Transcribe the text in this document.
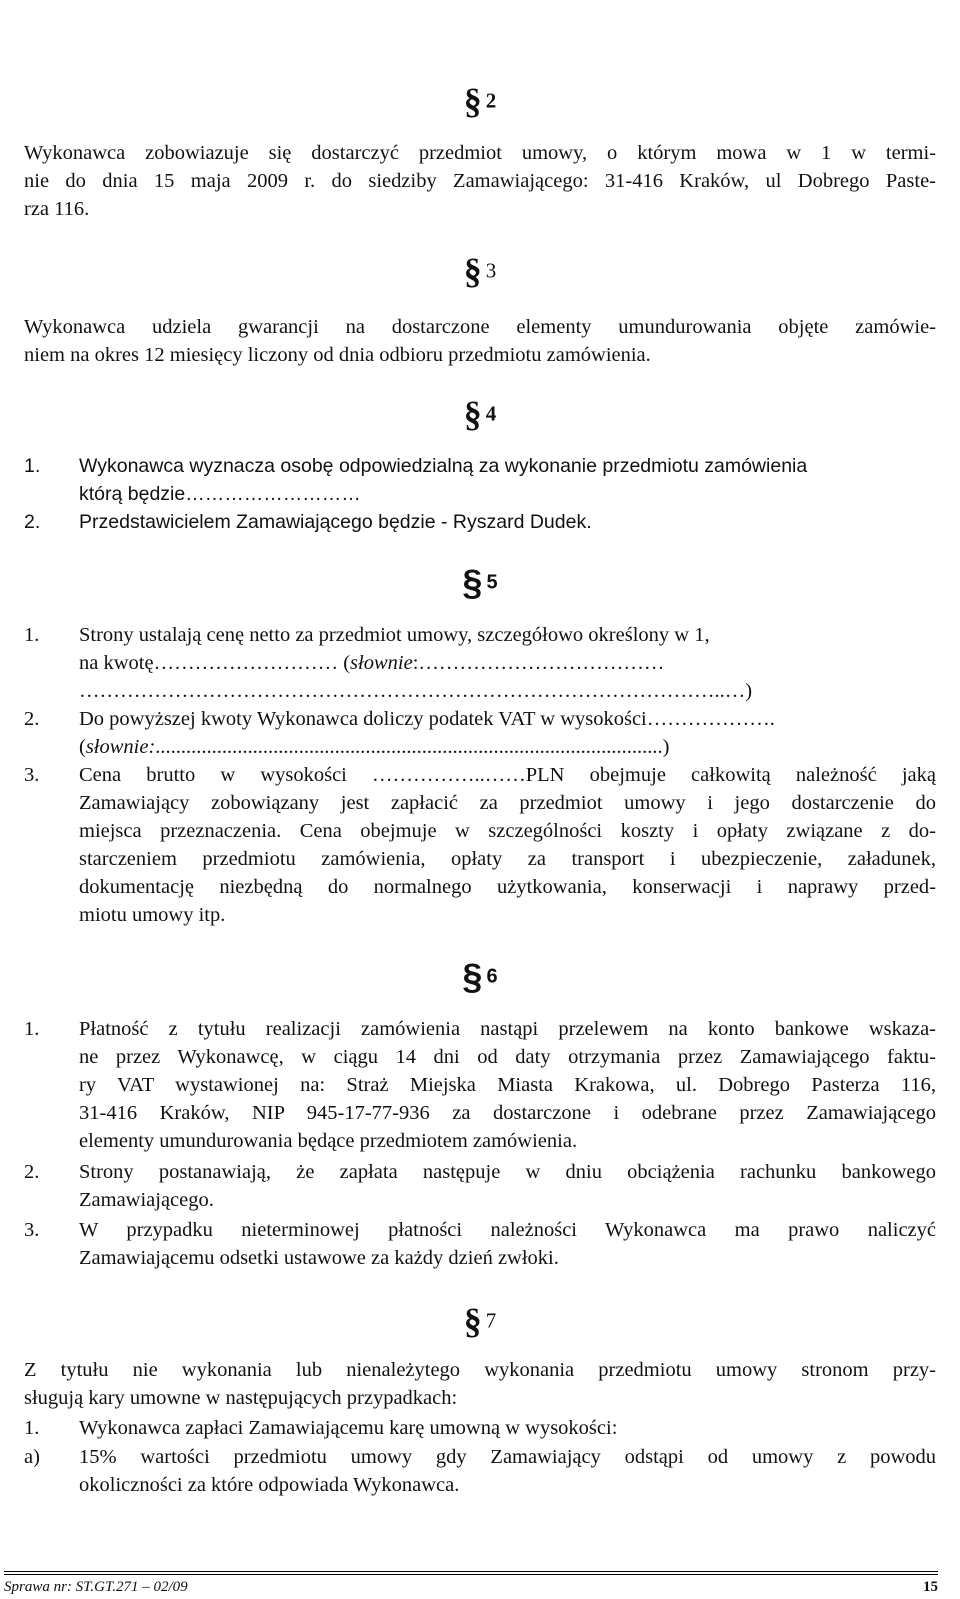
§ 2
Wykonawca zobowiazuje się dostarczyć przedmiot umowy, o którym mowa w 1 w termi-
nie do dnia 15 maja 2009 r. do siedziby Zamawiającego: 31-416 Kraków, ul Dobrego Paste-
rza 116.
§ 3
Wykonawca udziela gwarancji na dostarczone elementy umundurowania objęte zamówie-
niem na okres 12 miesięcy liczony od dnia odbioru przedmiotu zamówienia.
§ 4
1. Wykonawca wyznacza osobę odpowiedzialną za wykonanie przedmiotu zamówienia
którą będzie………………………
2. Przedstawicielem Zamawiającego będzie - Ryszard Dudek.
§ 5
1. Strony ustalają cenę netto za przedmiot umowy, szczegółowo określony w 1,
na kwotę……………………… (słownie:………………………………
…………………………………………………………………………………..…)
2. Do powyższej kwoty Wykonawca doliczy podatek VAT w wysokości……………….
(słownie:...................................................................................................)
3. Cena brutto w wysokości ……………..……PLN obejmuje całkowitą należność jaką
Zamawiający zobowiązany jest zapłacić za przedmiot umowy i jego dostarczenie do
miejsca przeznaczenia. Cena obejmuje w szczególności koszty i opłaty związane z do-
starczeniem przedmiotu zamówienia, opłaty za transport i ubezpieczenie, załadunek,
dokumentację niezbędną do normalnego użytkowania, konserwacji i naprawy przed-
miotu umowy itp.
§ 6
1. Płatność z tytułu realizacji zamówienia nastąpi przelewem na konto bankowe wskaza-
ne przez Wykonawcę, w ciągu 14 dni od daty otrzymania przez Zamawiającego faktu-
ry VAT wystawionej na: Straż Miejska Miasta Krakowa, ul. Dobrego Pasterza 116,
31-416 Kraków, NIP 945-17-77-936 za dostarczone i odebrane przez Zamawiającego
elementy umundurowania będące przedmiotem zamówienia.
2. Strony postanawiają, że zapłata następuje w dniu obciążenia rachunku bankowego
Zamawiającego.
3. W przypadku nieterminowej płatności należności Wykonawca ma prawo naliczyć
Zamawiającemu odsetki ustawowe za każdy dzień zwłoki.
§ 7
Z tytułu nie wykonania lub nienależytego wykonania przedmiotu umowy stronom przy-
sługują kary umowne w następujących przypadkach:
1. Wykonawca zapłaci Zamawiającemu karę umowną w wysokości:
a) 15% wartości przedmiotu umowy gdy Zamawiający odstąpi od umowy z powodu
okoliczności za które odpowiada Wykonawca.
Sprawa nr: ST.GT.271 – 02/09	15
